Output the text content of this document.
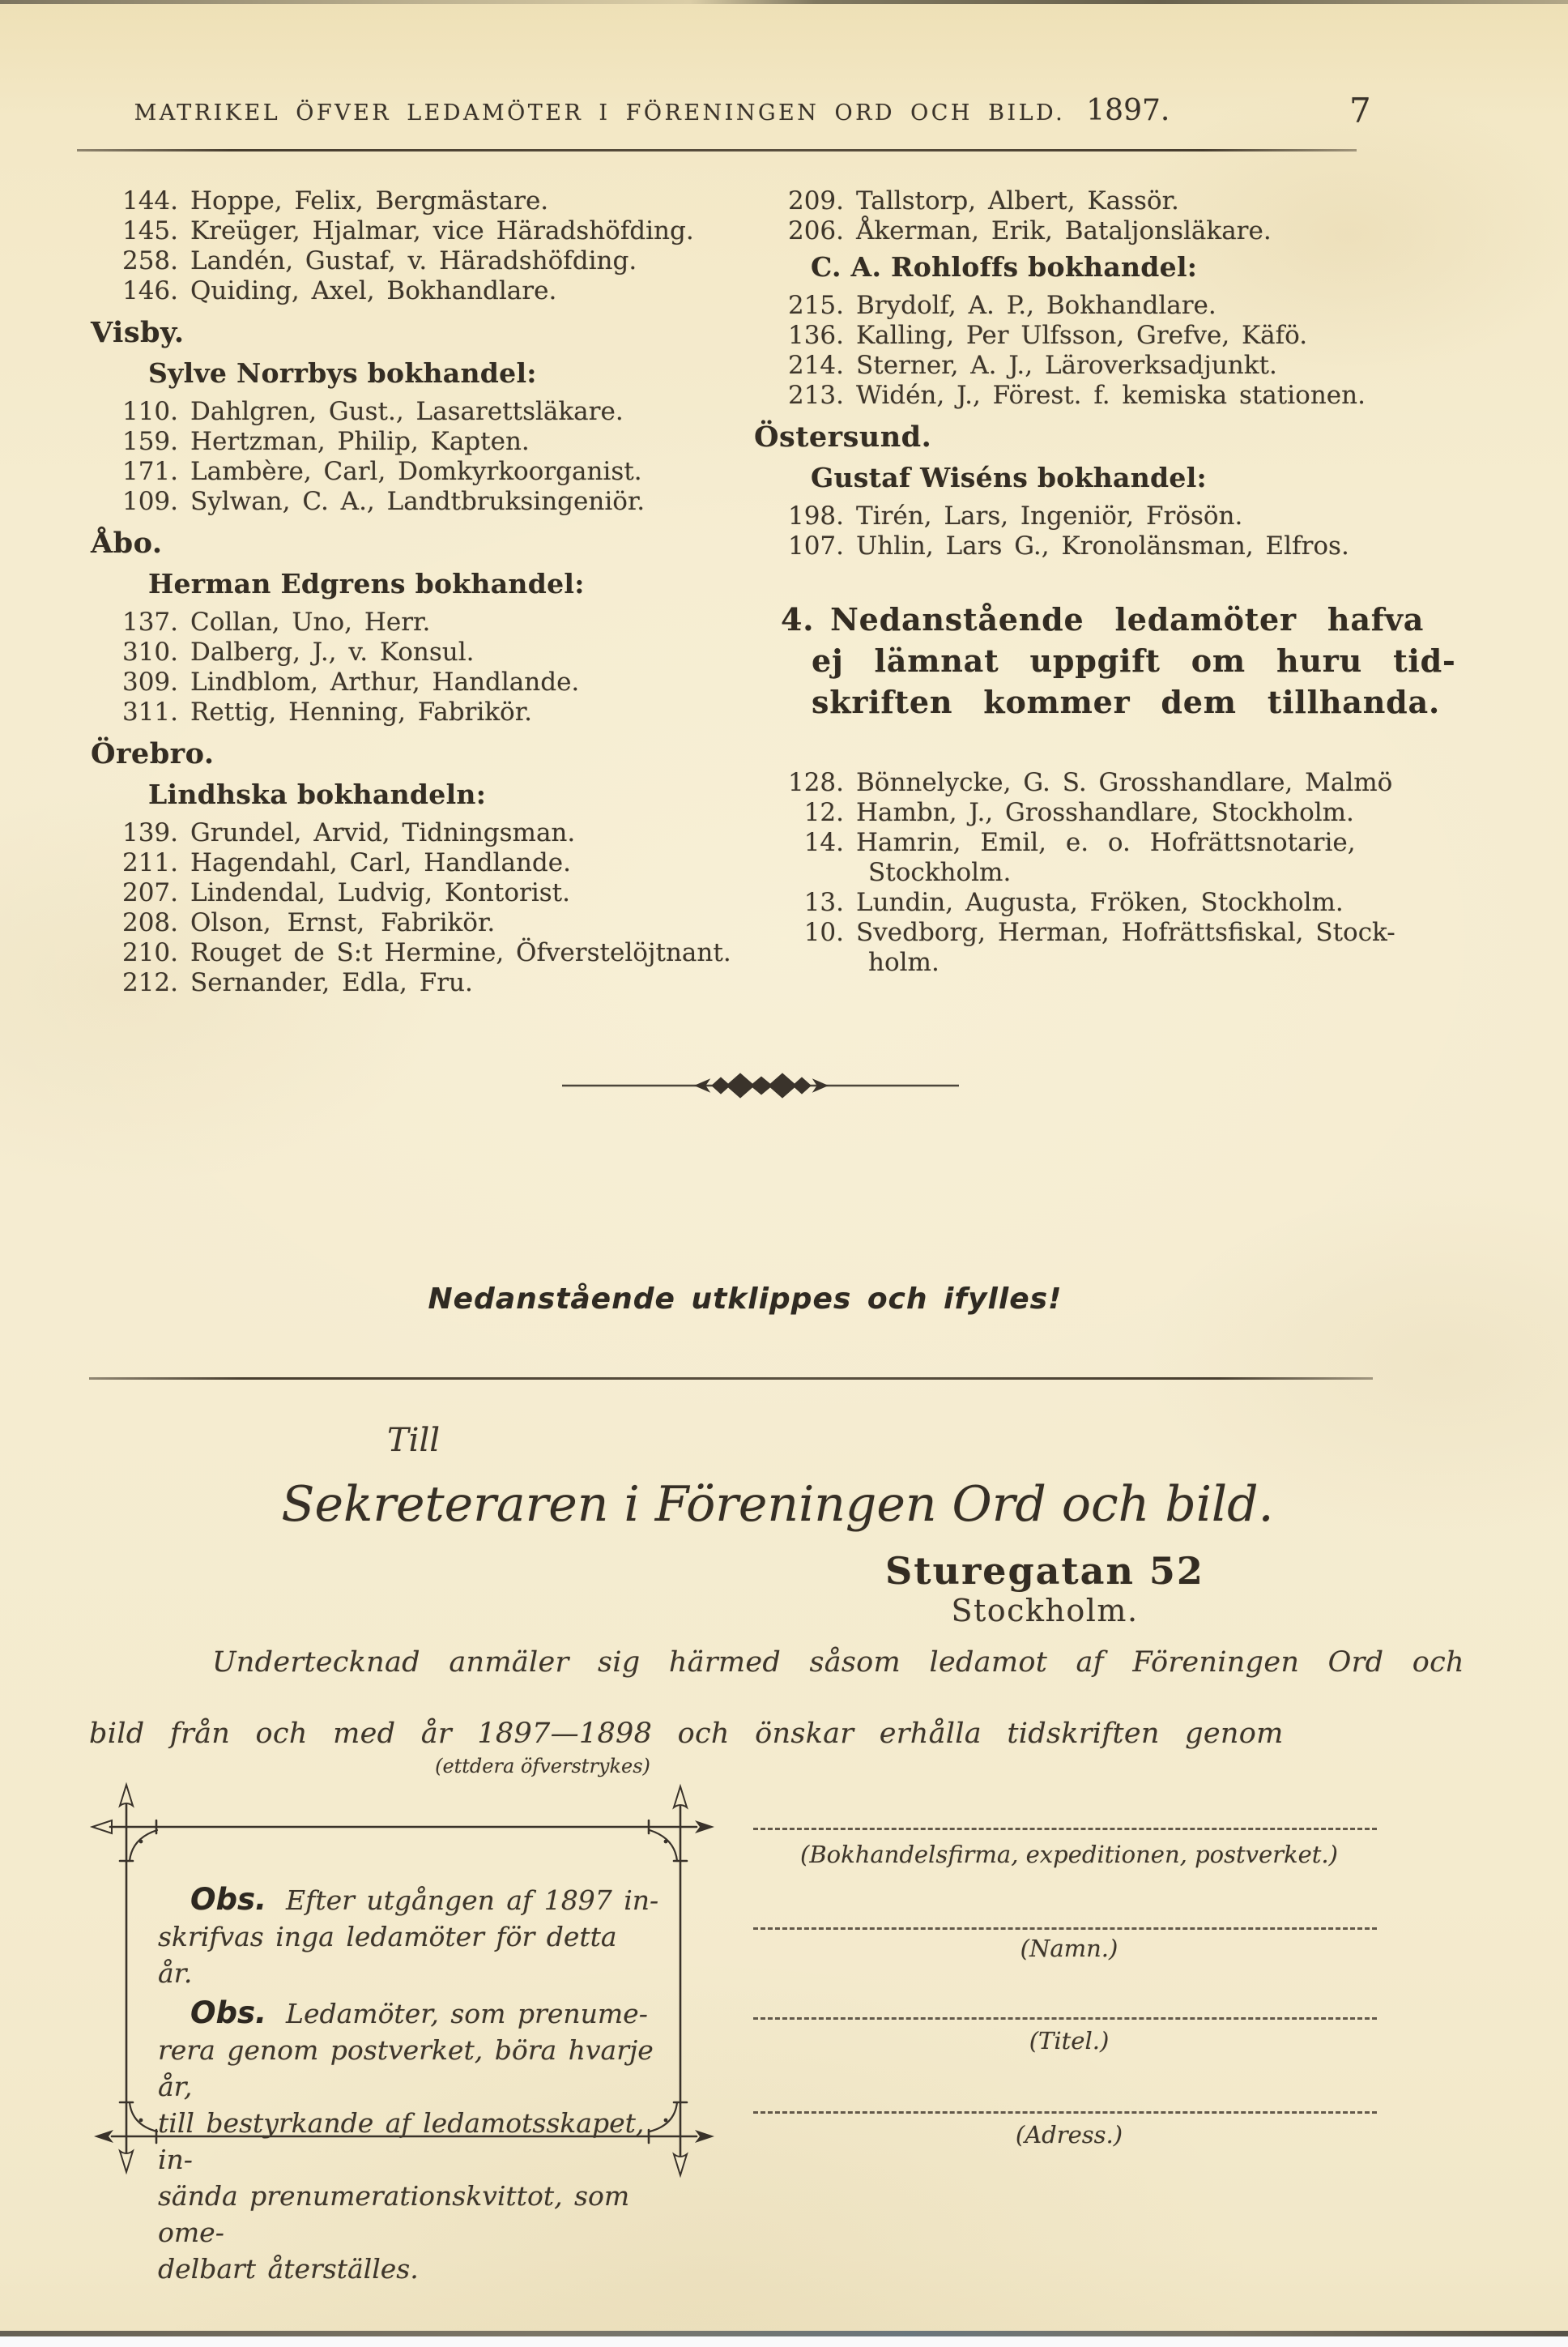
MATRIKEL ÖFVER LEDAMÖTER I FÖRENINGEN ORD OCH BILD. 1897.	7
144. Hoppe, Felix, Bergmästare.
145. Kreüger, Hjalmar, vice Häradshöfding.
258. Landén, Gustaf, v. Häradshöfding.
146. Quiding, Axel, Bokhandlare.
Visby.
Sylve Norrbys bokhandel:
110. Dahlgren, Gust., Lasarettsläkare.
159. Hertzman, Philip, Kapten.
171. Lambère, Carl, Domkyrkoorganist.
109. Sylwan, C. A., Landtbruksingeniör.
Åbo.
Herman Edgrens bokhandel:
137. Collan, Uno, Herr.
310. Dalberg, J., v. Konsul.
309. Lindblom, Arthur, Handlande.
311. Rettig, Henning, Fabrikör.
Örebro.
Lindhska bokhandeln:
139. Grundel, Arvid, Tidningsman.
211. Hagendahl, Carl, Handlande.
207. Lindendal, Ludvig, Kontorist.
208. Olson, Ernst, Fabrikör.
210. Rouget de S:t Hermine, Öfverstelöjtnant.
212. Sernander, Edla, Fru.
209. Tallstorp, Albert, Kassör.
206. Åkerman, Erik, Bataljonsläkare.
C. A. Rohloffs bokhandel:
215. Brydolf, A. P., Bokhandlare.
136. Kalling, Per Ulfsson, Grefve, Käfö.
214. Sterner, A. J., Läroverksadjunkt.
213. Widén, J., Förest. f. kemiska stationen.
Östersund.
Gustaf Wiséns bokhandel:
198. Tirén, Lars, Ingeniör, Frösön.
107. Uhlin, Lars G., Kronolänsman, Elfros.
4. Nedanstående ledamöter hafva
ej lämnat uppgift om huru tid-
skriften kommer dem tillhanda.
128. Bönnelycke, G. S. Grosshandlare, Malmö
12. Hambn, J., Grosshandlare, Stockholm.
14. Hamrin, Emil, e. o. Hofrättsnotarie,
Stockholm.
13. Lundin, Augusta, Fröken, Stockholm.
10. Svedborg, Herman, Hofrättsfiskal, Stock-
holm.
Nedanstående utklippes och ifylles!
Till
Sekreteraren i Föreningen Ord och bild.
Sturegatan 52
Stockholm.
Undertecknad anmäler sig härmed såsom ledamot af Föreningen Ord och
bild från och med år 1897—1898 och önskar erhålla tidskriften genom
(ettdera öfverstrykes)
Obs. Efter utgången af 1897 in-
skrifvas inga ledamöter för detta år.
Obs. Ledamöter, som prenume-
rera genom postverket, böra hvarje år,
till bestyrkande af ledamotsskapet, in-
sända prenumerationskvittot, som ome-
delbart återställes.
(Bokhandelsfirma, expeditionen, postverket.)
(Namn.)
(Titel.)
(Adress.)
